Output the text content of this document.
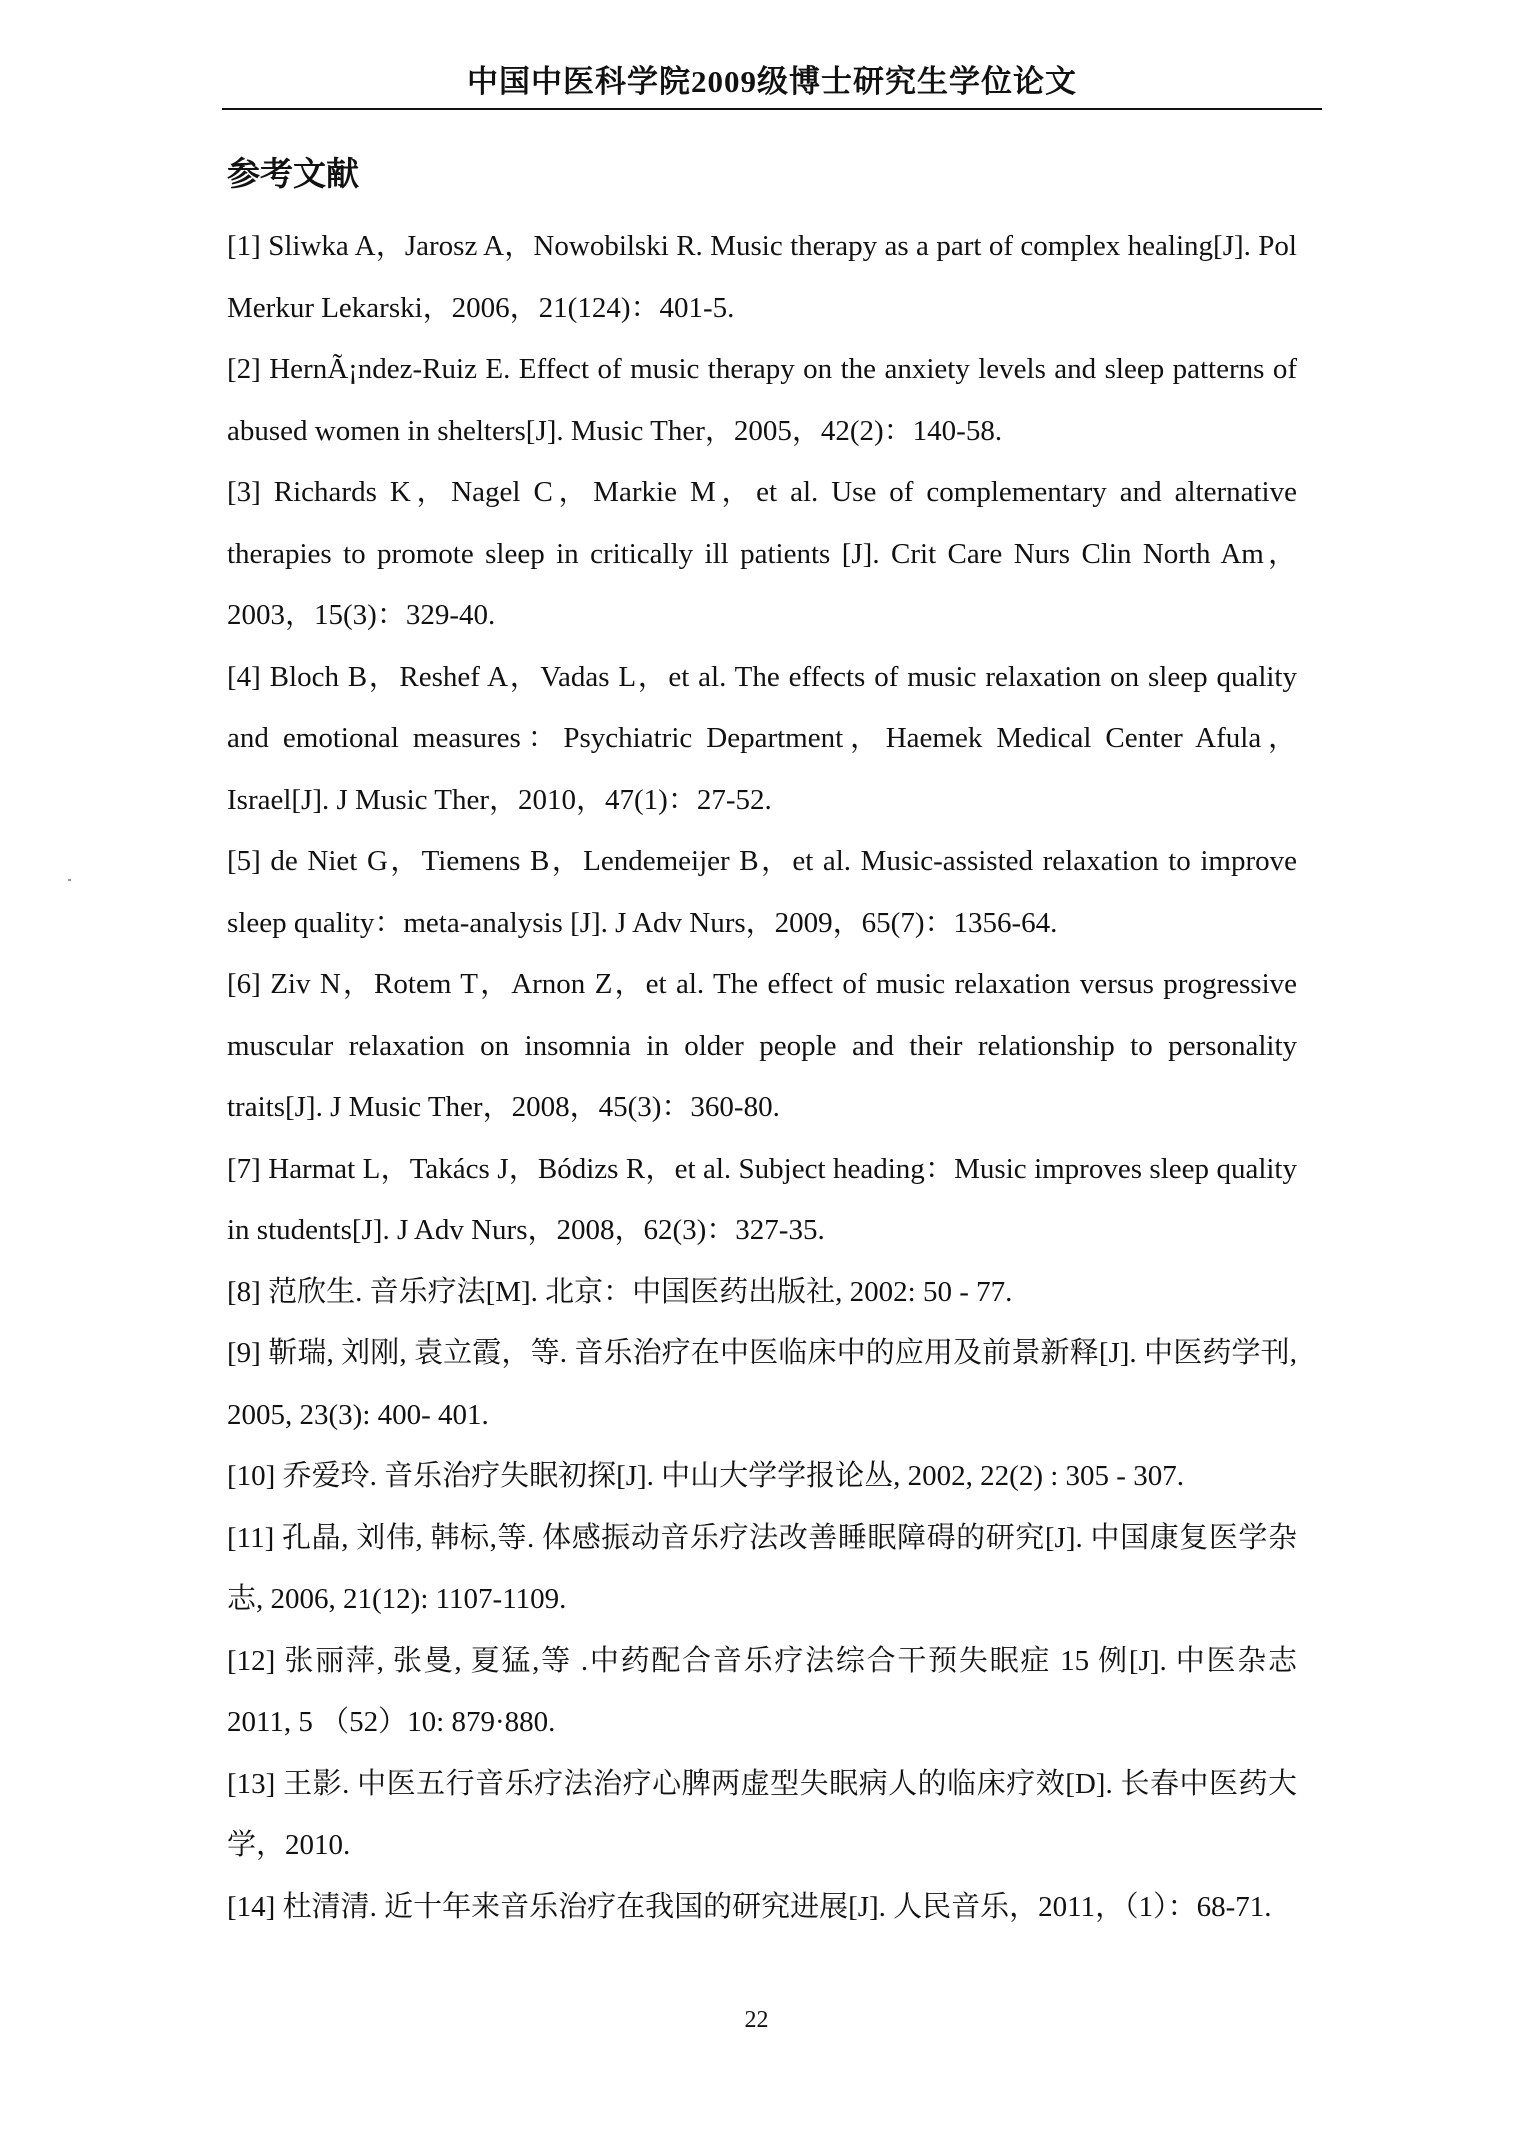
中国中医科学院2009级博士研究生学位论文
参考文献
[1] Sliwka A，Jarosz A，Nowobilski R. Music therapy as a part of complex healing[J]. Pol Merkur Lekarski，2006，21(124)：401-5.
[2] HernÃ¡ndez-Ruiz E. Effect of music therapy on the anxiety levels and sleep patterns of abused women in shelters[J]. Music Ther，2005，42(2)：140-58.
[3] Richards K，Nagel C，Markie M，et al. Use of complementary and alternative therapies to promote sleep in critically ill patients [J]. Crit Care Nurs Clin North Am，2003，15(3)：329-40.
[4] Bloch B，Reshef A，Vadas L，et al. The effects of music relaxation on sleep quality and emotional measures：Psychiatric Department，Haemek Medical Center Afula，Israel[J]. J Music Ther，2010，47(1)：27-52.
[5] de Niet G，Tiemens B，Lendemeijer B，et al. Music-assisted relaxation to improve sleep quality：meta-analysis [J]. J Adv Nurs，2009，65(7)：1356-64.
[6] Ziv N，Rotem T，Arnon Z，et al. The effect of music relaxation versus progressive muscular relaxation on insomnia in older people and their relationship to personality traits[J]. J Music Ther，2008，45(3)：360-80.
[7] Harmat L，Takács J，Bódizs R，et al. Subject heading：Music improves sleep quality in students[J]. J Adv Nurs，2008，62(3)：327-35.
[8] 范欣生. 音乐疗法[M]. 北京：中国医药出版社, 2002: 50 - 77.
[9] 靳瑞, 刘刚, 袁立霞，等. 音乐治疗在中医临床中的应用及前景新释[J]. 中医药学刊, 2005, 23(3): 400- 401.
[10] 乔爱玲. 音乐治疗失眠初探[J]. 中山大学学报论丛, 2002, 22(2) : 305 - 307.
[11] 孔晶, 刘伟, 韩标,等. 体感振动音乐疗法改善睡眠障碍的研究[J]. 中国康复医学杂志, 2006, 21(12): 1107-1109.
[12] 张丽萍, 张曼, 夏猛,等 .中药配合音乐疗法综合干预失眠症 15 例[J]. 中医杂志 2011, 5 （52）10: 879·880.
[13] 王影. 中医五行音乐疗法治疗心脾两虚型失眠病人的临床疗效[D]. 长春中医药大学，2010.
[14] 杜清清. 近十年来音乐治疗在我国的研究进展[J]. 人民音乐，2011，（1）：68-71.
22
